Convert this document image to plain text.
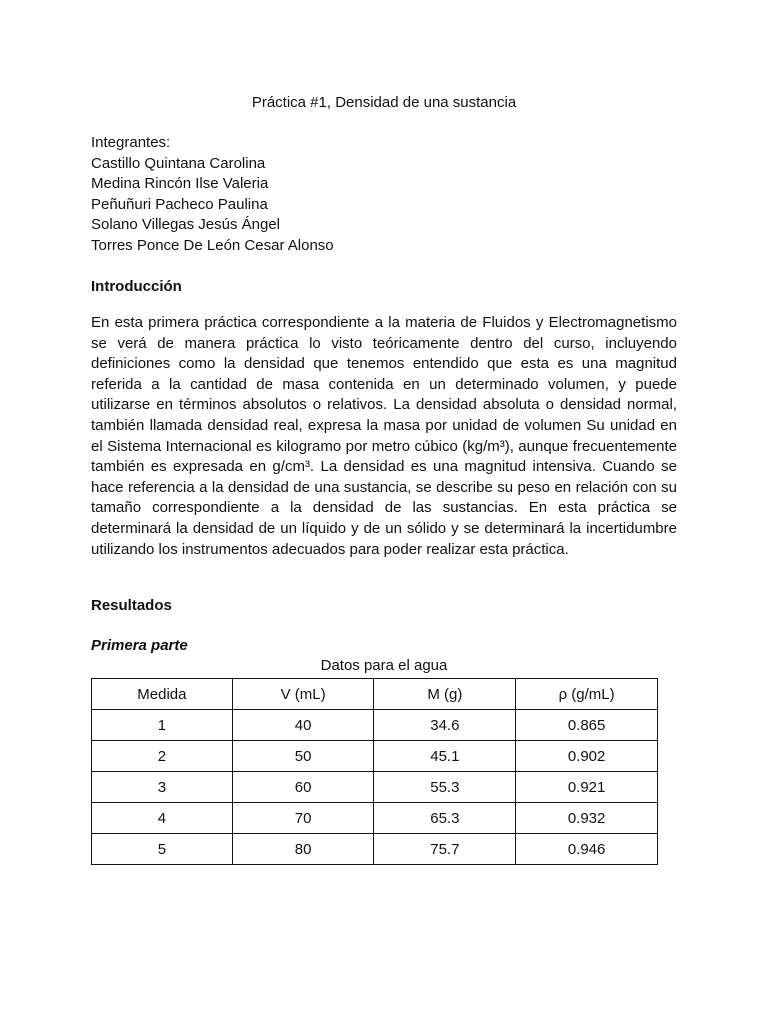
Práctica #1, Densidad de una sustancia
Integrantes:
Castillo Quintana Carolina
Medina Rincón Ilse Valeria
Peñuñuri Pacheco Paulina
Solano Villegas Jesús Ángel
Torres Ponce De León Cesar Alonso
Introducción
En esta primera práctica correspondiente a la materia de Fluidos y Electromagnetismo se verá de manera práctica lo visto teóricamente dentro del curso, incluyendo definiciones como la densidad que tenemos entendido que esta es una magnitud referida a la cantidad de masa contenida en un determinado volumen, y puede utilizarse en términos absolutos o relativos. La densidad absoluta o densidad normal, también llamada densidad real, expresa la masa por unidad de volumen Su unidad en el Sistema Internacional es kilogramo por metro cúbico (kg/m³), aunque frecuentemente también es expresada en g/cm³. La densidad es una magnitud intensiva. Cuando se hace referencia a la densidad de una sustancia, se describe su peso en relación con su tamaño correspondiente a la densidad de las sustancias. En esta práctica se determinará la densidad de un líquido y de un sólido y se determinará la incertidumbre utilizando los instrumentos adecuados para poder realizar esta práctica.
Resultados
Primera parte
Datos para el agua
Medida	V (mL)	M (g)	ρ (g/mL)
1	40	34.6	0.865
2	50	45.1	0.902
3	60	55.3	0.921
4	70	65.3	0.932
5	80	75.7	0.946
